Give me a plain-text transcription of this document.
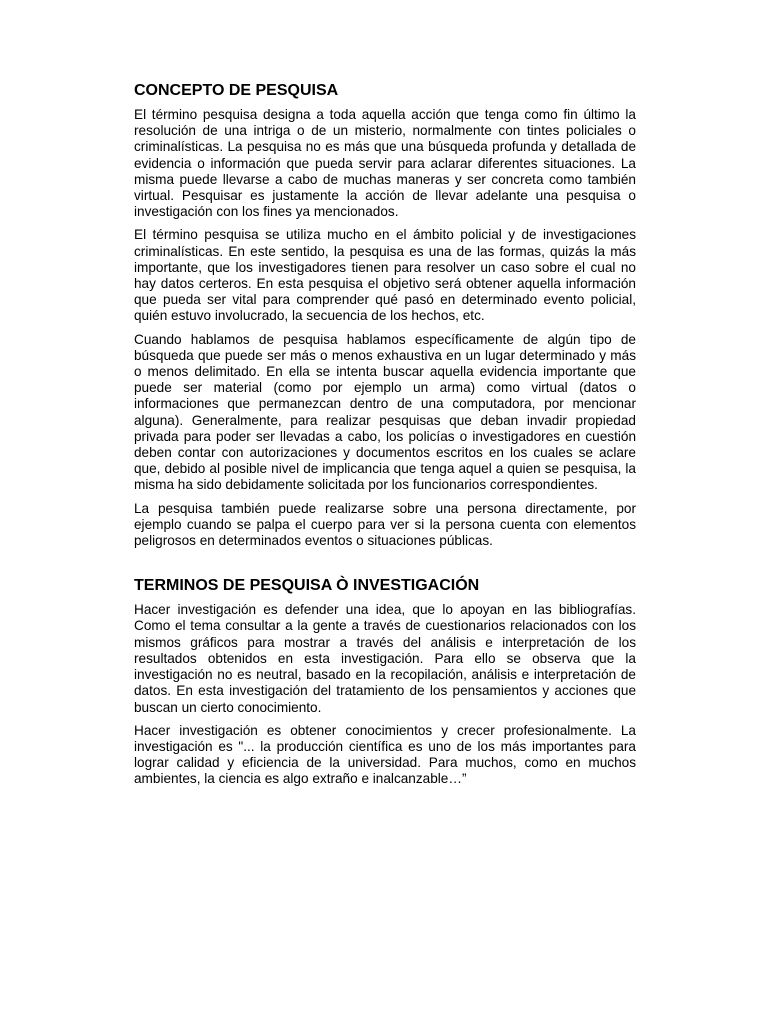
CONCEPTO DE PESQUISA

El término pesquisa designa a toda aquella acción que tenga como fin último la resolución de una intriga o de un misterio, normalmente con tintes policiales o criminalísticas. La pesquisa no es más que una búsqueda profunda y detallada de evidencia o información que pueda servir para aclarar diferentes situaciones. La misma puede llevarse a cabo de muchas maneras y ser concreta como también virtual. Pesquisar es justamente la acción de llevar adelante una pesquisa o investigación con los fines ya mencionados.

El término pesquisa se utiliza mucho en el ámbito policial y de investigaciones criminalísticas. En este sentido, la pesquisa es una de las formas, quizás la más importante, que los investigadores tienen para resolver un caso sobre el cual no hay datos certeros. En esta pesquisa el objetivo será obtener aquella información que pueda ser vital para comprender qué pasó en determinado evento policial, quién estuvo involucrado, la secuencia de los hechos, etc.

Cuando hablamos de pesquisa hablamos específicamente de algún tipo de búsqueda que puede ser más o menos exhaustiva en un lugar determinado y más o menos delimitado. En ella se intenta buscar aquella evidencia importante que puede ser material (como por ejemplo un arma) como virtual (datos o informaciones que permanezcan dentro de una computadora, por mencionar alguna). Generalmente, para realizar pesquisas que deban invadir propiedad privada para poder ser llevadas a cabo, los policías o investigadores en cuestión deben contar con autorizaciones y documentos escritos en los cuales se aclare que, debido al posible nivel de implicancia que tenga aquel a quien se pesquisa, la misma ha sido debidamente solicitada por los funcionarios correspondientes.

La pesquisa también puede realizarse sobre una persona directamente, por ejemplo cuando se palpa el cuerpo para ver si la persona cuenta con elementos peligrosos en determinados eventos o situaciones públicas.

TERMINOS DE PESQUISA Ò INVESTIGACIÓN

Hacer investigación es defender una idea, que lo apoyan en las bibliografías. Como el tema consultar a la gente a través de cuestionarios relacionados con los mismos gráficos para mostrar a través del análisis e interpretación de los resultados obtenidos en esta investigación. Para ello se observa que la investigación no es neutral, basado en la recopilación, análisis e interpretación de datos. En esta investigación del tratamiento de los pensamientos y acciones que buscan un cierto conocimiento.

Hacer investigación es obtener conocimientos y crecer profesionalmente. La investigación es "... la producción científica es uno de los más importantes para lograr calidad y eficiencia de la universidad. Para muchos, como en muchos ambientes, la ciencia es algo extraño e inalcanzable…”
